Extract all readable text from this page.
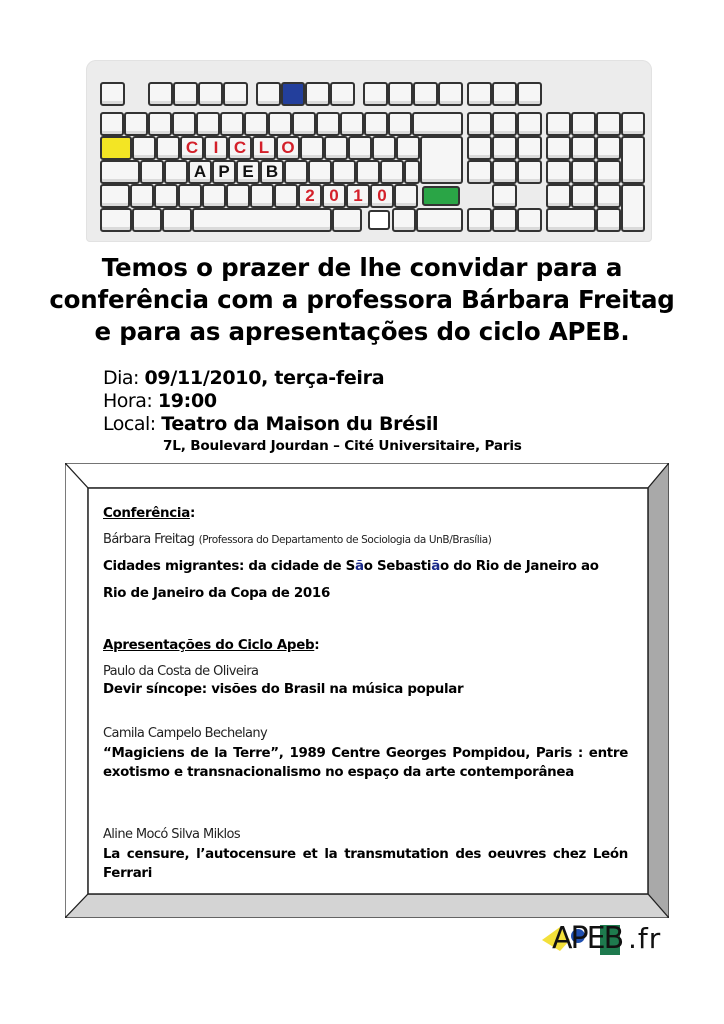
C I C L O
A P E B
2 0 1 0
Temos o prazer de lhe convidar para a
conferência com a professora Bárbara Freitag
e para as apresentações do ciclo APEB.
Dia: 09/11/2010, terça-feira
Hora: 19:00
Local: Teatro da Maison du Brésil
7L, Boulevard Jourdan – Cité Universitaire, Paris
Conferência:
Bárbara Freitag (Professora do Departamento de Sociologia da UnB/Brasília)
Cidades migrantes: da cidade de São Sebastião do Rio de Janeiro ao
Rio de Janeiro da Copa de 2016
Apresentações do Ciclo Apeb:
Paulo da Costa de Oliveira
Devir síncope: visões do Brasil na música popular
Camila Campelo Bechelany
“Magiciens de la Terre”, 1989 Centre Georges Pompidou, Paris : entre exotismo e transnacionalismo no espaço da arte contemporânea
Aline Mocó Silva Miklos
La censure, l’autocensure et la transmutation des oeuvres chez León Ferrari
APEB .fr
